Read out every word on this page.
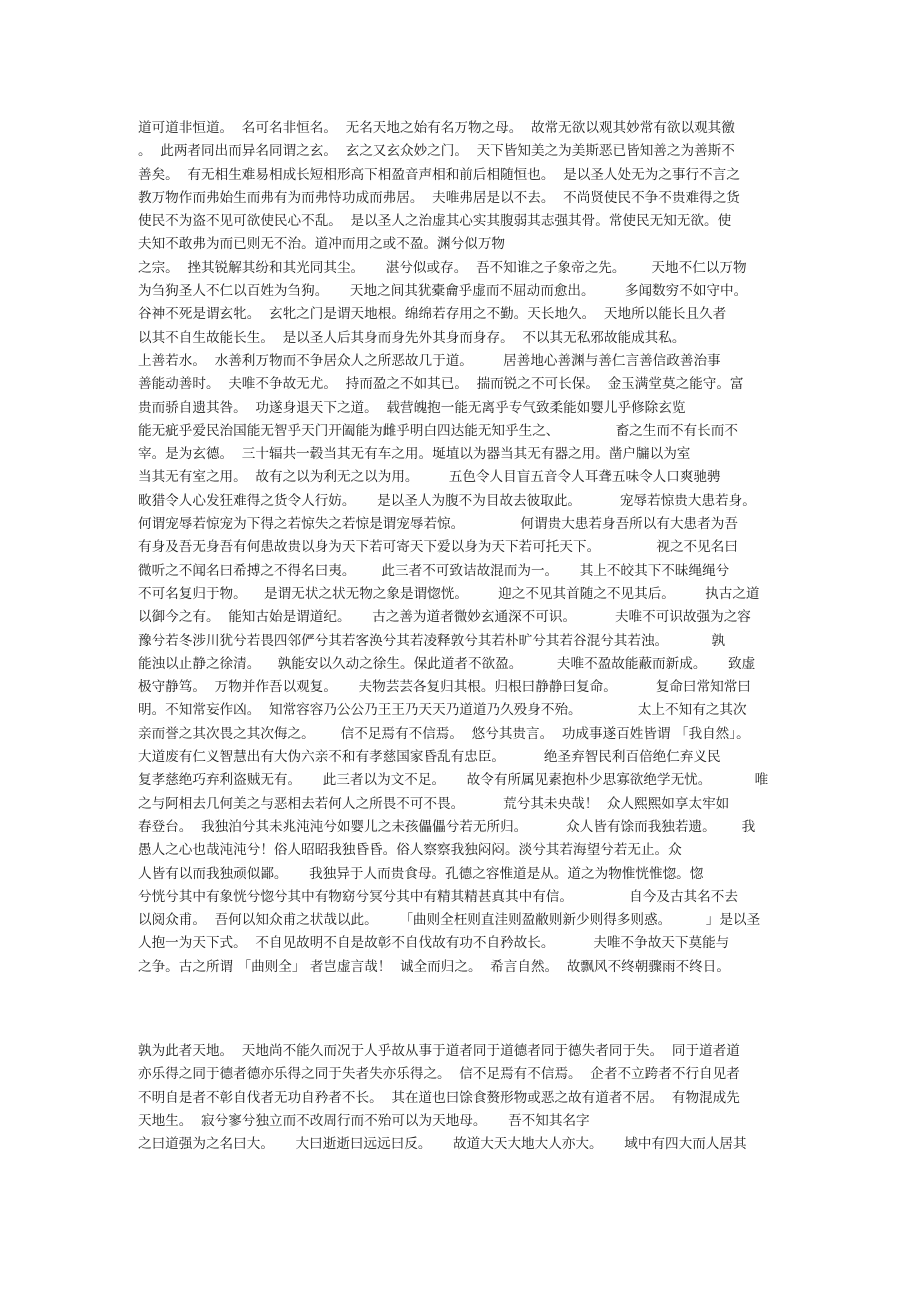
道可道非恒道。  名可名非恒名。  无名天地之始有名万物之母。  故常无欲以观其妙常有欲以观其徼
。  此两者同出而异名同谓之玄。  玄之又玄众妙之门。  天下皆知美之为美斯恶已皆知善之为善斯不
善矣。  有无相生难易相成长短相形高下相盈音声相和前后相随恒也。  是以圣人处无为之事行不言之
教万物作而弗始生而弗有为而弗恃功成而弗居。  夫唯弗居是以不去。  不尚贤使民不争不贵难得之货
使民不为盗不见可欲使民心不乱。  是以圣人之治虚其心实其腹弱其志强其骨。常使民无知无欲。使
夫知不敢弗为而已则无不治。道冲而用之或不盈。渊兮似万物
之宗。  挫其锐解其纷和其光同其尘。     湛兮似或存。  吾不知谁之子象帝之先。      天地不仁以万物
为刍狗圣人不仁以百姓为刍狗。     天地之间其犹橐龠乎虚而不屈动而愈出。       多闻数穷不如守中。
谷神不死是谓玄牝。  玄牝之门是谓天地根。绵绵若存用之不勤。天长地久。  天地所以能长且久者
以其不自生故能长生。  是以圣人后其身而身先外其身而身存。  不以其无私邪故能成其私。
上善若水。  水善利万物而不争居众人之所恶故几于道。       居善地心善渊与善仁言善信政善治事
善能动善时。  夫唯不争故无尤。  持而盈之不如其已。  揣而锐之不可长保。  金玉满堂莫之能守。富
贵而骄自遗其咎。  功遂身退天下之道。  载营魄抱一能无离乎专气致柔能如婴儿乎修除玄览
能无疵乎爱民治国能无智乎天门开阖能为雌乎明白四达能无知乎生之、             畜之生而不有长而不
宰。是为玄德。  三十辐共一毂当其无有车之用。埏埴以为器当其无有器之用。凿户牖以为室
当其无有室之用。  故有之以为利无之以为用。       五色令人目盲五音令人耳聋五味令人口爽驰骋
畋猎令人心发狂难得之货令人行妨。     是以圣人为腹不为目故去彼取此。         宠辱若惊贵大患若身。
何谓宠辱若惊宠为下得之若惊失之若惊是谓宠辱若惊。             何谓贵大患若身吾所以有大患者为吾
有身及吾无身吾有何患故贵以身为天下若可寄天下爱以身为天下若可托天下。             视之不见名曰
微听之不闻名曰希搏之不得名曰夷。      此三者不可致诘故混而为一。     其上不皎其下不昧绳绳兮
不可名复归于物。    是谓无状之状无物之象是谓惚恍。       迎之不见其首随之不见其后。       执古之道
以御今之有。  能知古始是谓道纪。     古之善为道者微妙玄通深不可识。         夫唯不可识故强为之容
豫兮若冬涉川犹兮若畏四邻俨兮其若客涣兮其若凌释敦兮其若朴旷兮其若谷混兮其若浊。          孰
能浊以止静之徐清。    孰能安以久动之徐生。保此道者不欲盈。        夫唯不盈故能蔽而新成。     致虚
极守静笃。  万物并作吾以观复。     夫物芸芸各复归其根。归根曰静静曰复命。         复命曰常知常曰
明。不知常妄作凶。  知常容容乃公公乃王王乃天天乃道道乃久殁身不殆。             太上不知有之其次
亲而誉之其次畏之其次侮之。      信不足焉有不信焉。  悠兮其贵言。  功成事遂百姓皆谓 「我自然」。
大道废有仁义智慧出有大伪六亲不和有孝慈国家昏乱有忠臣。         绝圣弃智民利百倍绝仁弃义民
复孝慈绝巧弃利盗贼无有。     此三者以为文不足。     故令有所属见素抱朴少思寡欲绝学无忧。          唯
之与阿相去几何美之与恶相去若何人之所畏不可不畏。         荒兮其未央哉！  众人熙熙如享太牢如
春登台。  我独泊兮其未兆沌沌兮如婴儿之未孩儡儡兮若无所归。         众人皆有馀而我独若遗。      我
愚人之心也哉沌沌兮！俗人昭昭我独昏昏。俗人察察我独闷闷。淡兮其若海望兮若无止。众
人皆有以而我独顽似鄙。     我独异于人而贵食母。孔德之容惟道是从。道之为物惟恍惟惚。惚
兮恍兮其中有象恍兮惚兮其中有物窈兮冥兮其中有精其精甚真其中有信。             自今及古其名不去
以阅众甫。  吾何以知众甫之状哉以此。     「曲则全枉则直洼则盈敝则新少则得多则惑。        」是以圣
人抱一为天下式。  不自见故明不自是故彰不自伐故有功不自矜故长。         夫唯不争故天下莫能与
之争。古之所谓 「曲则全」 者岂虚言哉！  诚全而归之。  希言自然。  故飘风不终朝骤雨不终日。
孰为此者天地。  天地尚不能久而况于人乎故从事于道者同于道德者同于德失者同于失。  同于道者道
亦乐得之同于德者德亦乐得之同于失者失亦乐得之。  信不足焉有不信焉。  企者不立跨者不行自见者
不明自是者不彰自伐者无功自矜者不长。  其在道也曰馀食赘形物或恶之故有道者不居。  有物混成先
天地生。  寂兮寥兮独立而不改周行而不殆可以为天地母。     吾不知其名字
之曰道强为之名曰大。     大曰逝逝曰远远曰反。     故道大天大地大人亦大。     域中有四大而人居其
